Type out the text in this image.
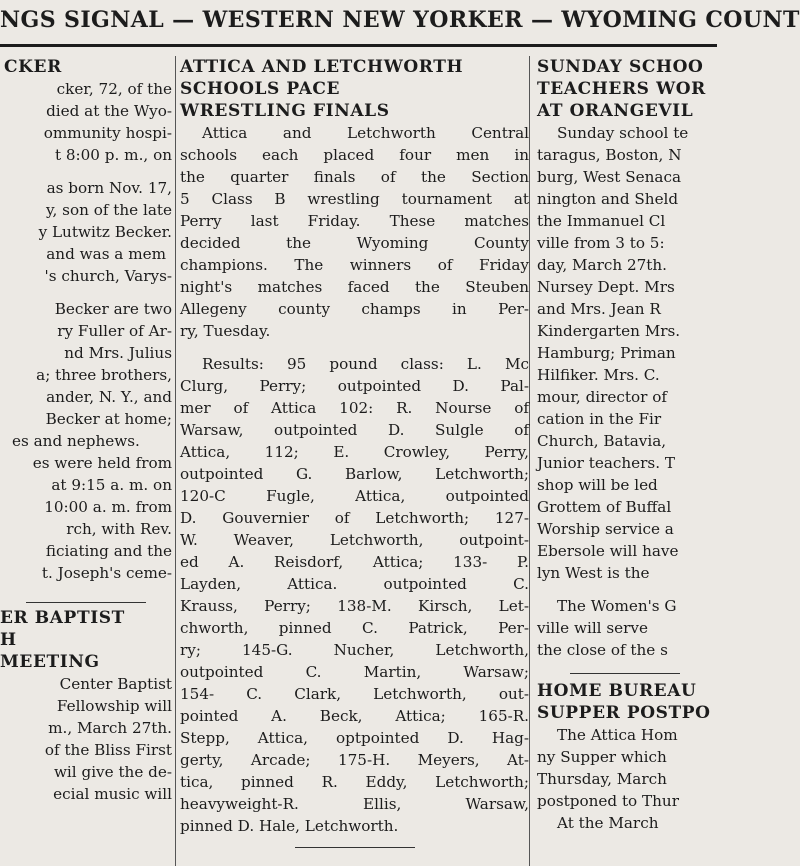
NGS SIGNAL — WESTERN NEW YORKER — WYOMING COUNT
CKER
cker, 72, of the
died at the Wyo-
ommunity hospi-
t 8:00 p. m., on
as born Nov. 17,
y, son of the late
y Lutwitz Becker.
and was a mem
's church, Varys-
Becker are two
ry Fuller of Ar-
nd Mrs. Julius
a; three brothers,
ander, N. Y., and
Becker at home;
es and nephews.
es were held from
at 9:15 a. m. on
10:00 a. m. from
rch, with Rev.
ficiating and the
t. Joseph's ceme-
ER BAPTIST
H
MEETING
Center Baptist
Fellowship will
m., March 27th.
of the Bliss First
wil give the de-
ecial music will
ATTICA AND LETCHWORTH
SCHOOLS PACE
WRESTLING FINALS
Attica and Letchworth Central
schools each placed four men in
the quarter finals of the Section
5 Class B wrestling tournament at
Perry last Friday. These matches
decided the Wyoming County
champions. The winners of Friday
night's matches faced the Steuben
Allegeny county champs in Per-
ry, Tuesday.
Results: 95 pound class: L. Mc
Clurg, Perry; outpointed D. Pal-
mer of Attica 102: R. Nourse of
Warsaw, outpointed D. Sulgle of
Attica, 112; E. Crowley, Perry,
outpointed G. Barlow, Letchworth;
120-C Fugle, Attica, outpointed
D. Gouvernier of Letchworth; 127-
W. Weaver, Letchworth, outpoint-
ed A. Reisdorf, Attica; 133- P.
Layden, Attica. outpointed C.
Krauss, Perry; 138-M. Kirsch, Let-
chworth, pinned C. Patrick, Per-
ry; 145-G. Nucher, Letchworth,
outpointed C. Martin, Warsaw;
154- C. Clark, Letchworth, out-
pointed A. Beck, Attica; 165-R.
Stepp, Attica, optpointed D. Hag-
gerty, Arcade; 175-H. Meyers, At-
tica, pinned R. Eddy, Letchworth;
heavyweight-R. Ellis, Warsaw,
pinned D. Hale, Letchworth.
SUNDAY SCHOO
TEACHERS WOR
AT ORANGEVIL
Sunday school te
taragus, Boston, N
burg, West Senaca
nington and Sheld
the Immanuel Cl
ville from 3 to 5:
day, March 27th.
Nursey Dept. Mrs
and Mrs. Jean R
Kindergarten Mrs.
Hamburg; Priman
Hilfiker. Mrs. C.
mour, director of
cation in the Fir
Church, Batavia,
Junior teachers. T
shop will be led
Grottem of Buffal
Worship service a
Ebersole will have
lyn West is the
The Women's G
ville will serve
the close of the s
HOME BUREAU
SUPPER POSTPO
The Attica Hom
ny Supper which
Thursday, March
postponed to Thur
At the March
